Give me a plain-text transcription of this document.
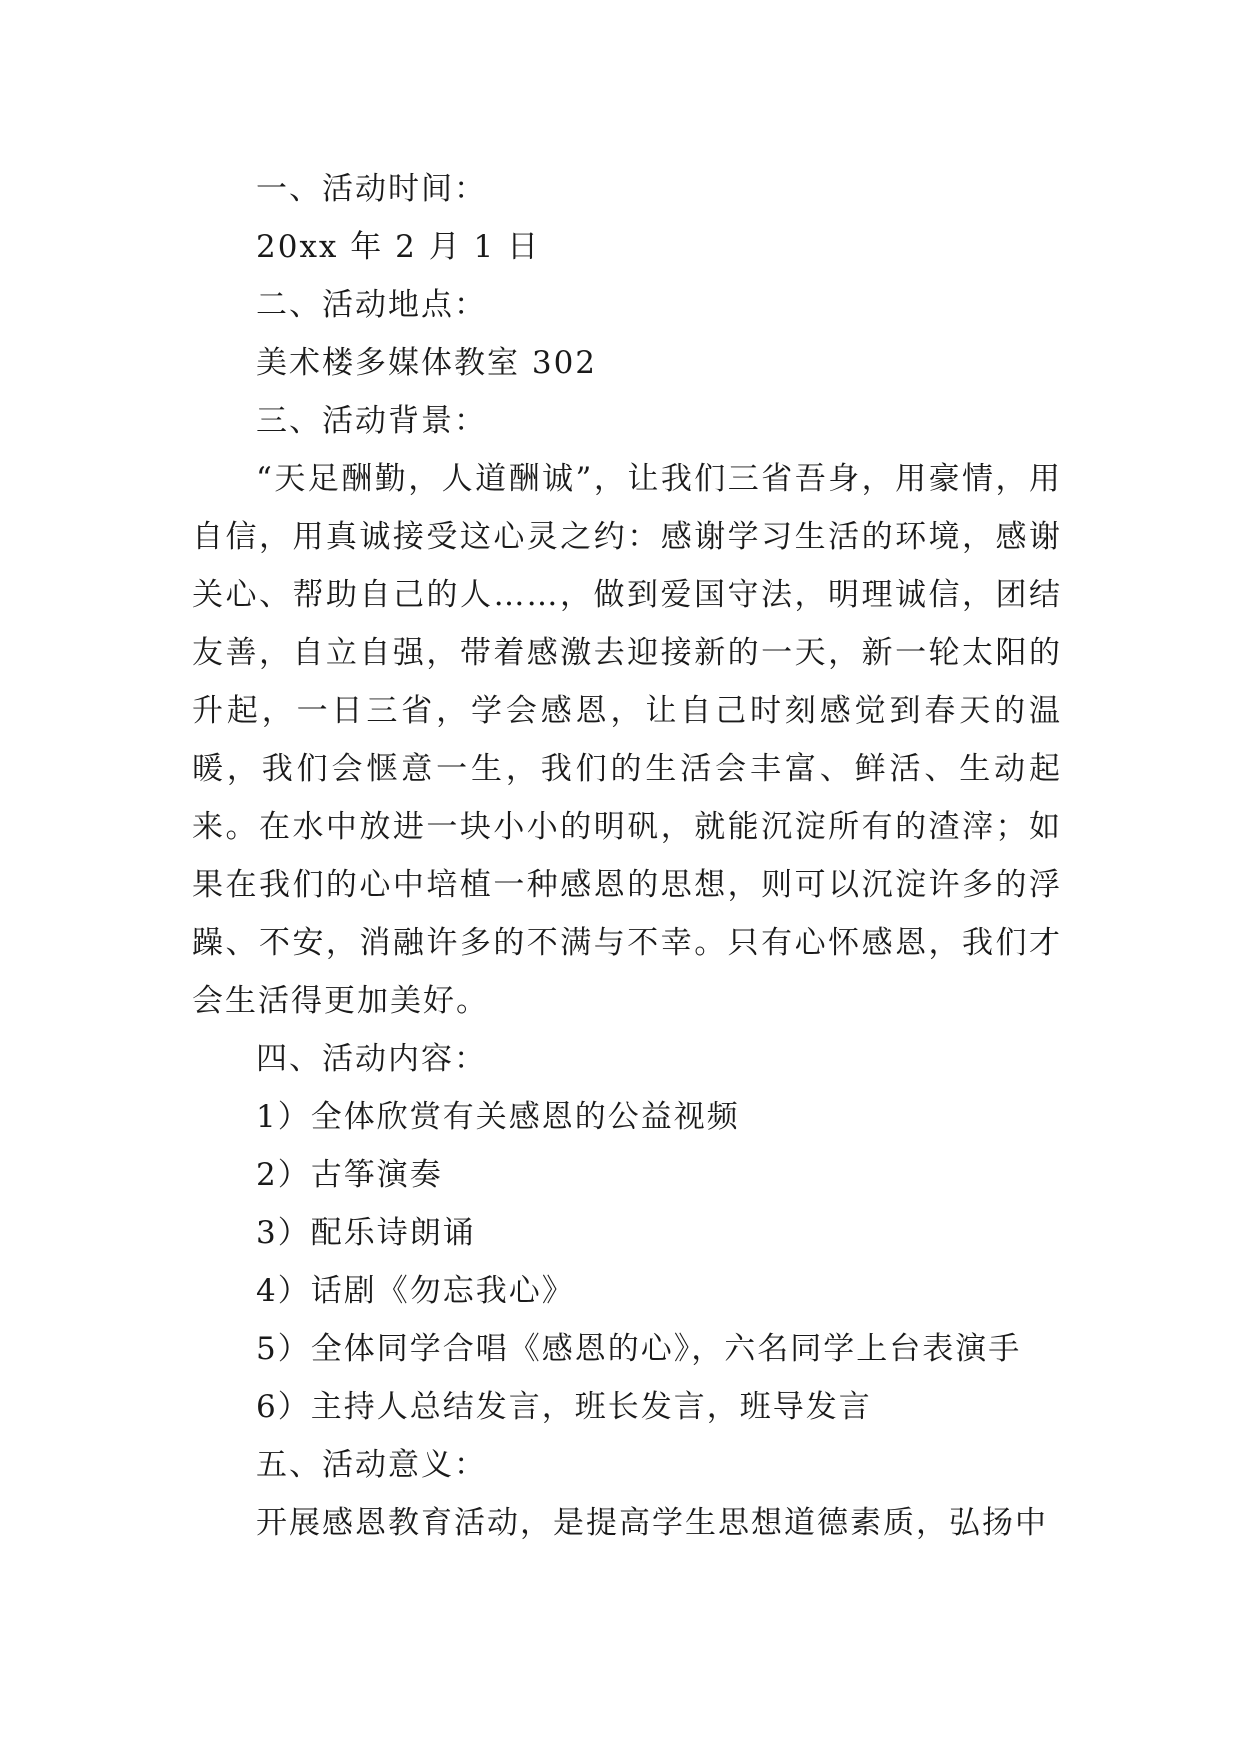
一、活动时间：

20xx 年 2 月 1 日

二、活动地点：

美术楼多媒体教室 302

三、活动背景：

“天足酬勤，人道酬诚”，让我们三省吾身，用豪情，用自信，用真诚接受这心灵之约：感谢学习生活的环境，感谢关心、帮助自己的人……，做到爱国守法，明理诚信，团结友善，自立自强，带着感激去迎接新的一天，新一轮太阳的升起，一日三省，学会感恩，让自己时刻感觉到春天的温暖，我们会惬意一生，我们的生活会丰富、鲜活、生动起来。在水中放进一块小小的明矾，就能沉淀所有的渣滓；如果在我们的心中培植一种感恩的思想，则可以沉淀许多的浮躁、不安，消融许多的不满与不幸。只有心怀感恩，我们才会生活得更加美好。

四、活动内容：

1）全体欣赏有关感恩的公益视频

2）古筝演奏

3）配乐诗朗诵

4）话剧《勿忘我心》

5）全体同学合唱《感恩的心》，六名同学上台表演手

6）主持人总结发言，班长发言，班导发言

五、活动意义：

开展感恩教育活动，是提高学生思想道德素质，弘扬中
